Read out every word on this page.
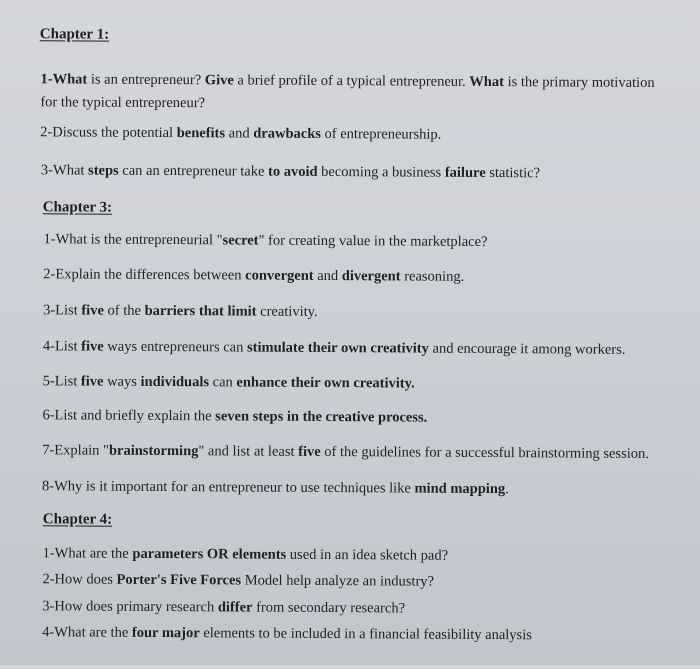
Chapter 1:
1-What is an entrepreneur? Give a brief profile of a typical entrepreneur. What is the primary motivation
for the typical entrepreneur?
2-Discuss the potential benefits and drawbacks of entrepreneurship.
3-What steps can an entrepreneur take to avoid becoming a business failure statistic?
Chapter 3:
1-What is the entrepreneurial "secret" for creating value in the marketplace?
2-Explain the differences between convergent and divergent reasoning.
3-List five of the barriers that limit creativity.
4-List five ways entrepreneurs can stimulate their own creativity and encourage it among workers.
5-List five ways individuals can enhance their own creativity.
6-List and briefly explain the seven steps in the creative process.
7-Explain "brainstorming" and list at least five of the guidelines for a successful brainstorming session.
8-Why is it important for an entrepreneur to use techniques like mind mapping.
Chapter 4:
1-What are the parameters OR elements used in an idea sketch pad?
2-How does Porter's Five Forces Model help analyze an industry?
3-How does primary research differ from secondary research?
4-What are the four major elements to be included in a financial feasibility analysis
